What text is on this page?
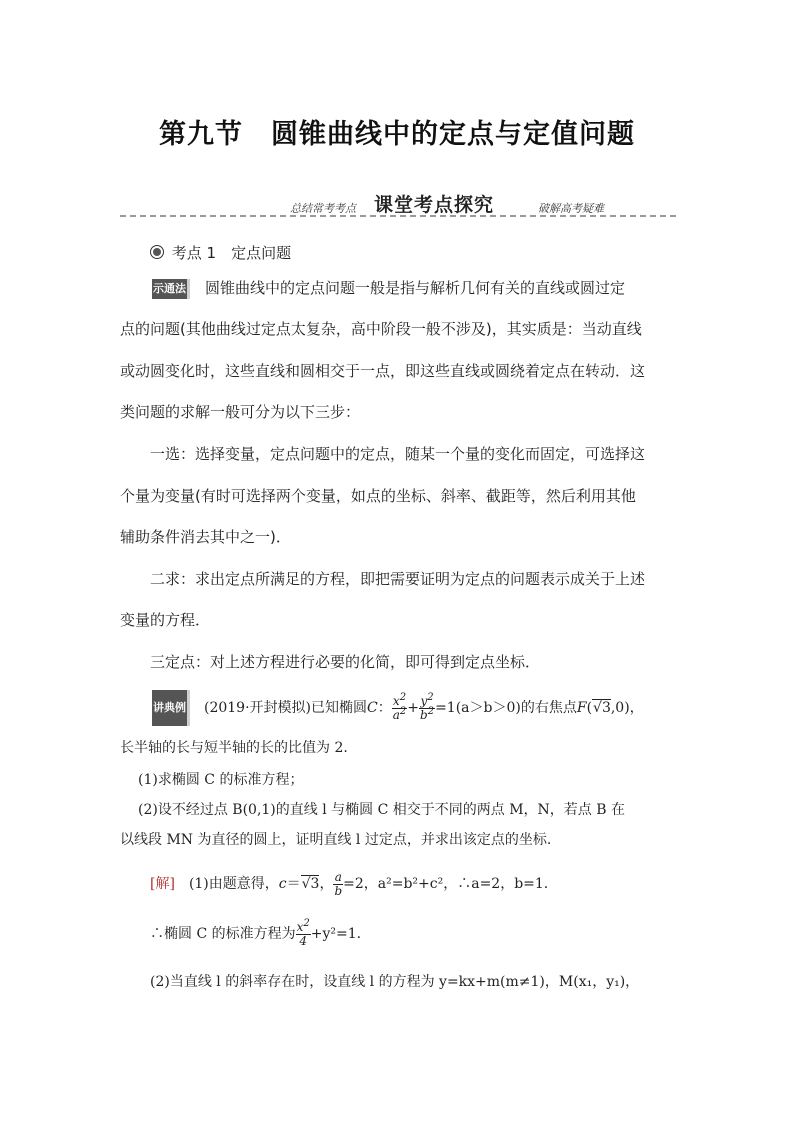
第九节　圆锥曲线中的定点与定值问题
总结常考考点 课堂考点探究	破解高考疑难
考点 1　 定点问题
示通法　 圆锥曲线中的定点问题一般是指与解析几何有关的直线或圆过定
点的问题(其他曲线过定点太复杂，高中阶段一般不涉及)，其实质是：当动直线
或动圆变化时，这些直线和圆相交于一点，即这些直线或圆绕着定点在转动．这
类问题的求解一般可分为以下三步：
一选：选择变量，定点问题中的定点，随某一个量的变化而固定，可选择这
个量为变量(有时可选择两个变量，如点的坐标、斜率、截距等，然后利用其他
辅助条件消去其中之一)．
二求：求出定点所满足的方程，即把需要证明为定点的问题表示成关于上述
变量的方程．
三定点：对上述方程进行必要的化简，即可得到定点坐标．
讲典例　 (2019·开封模拟)已知椭圆C： $\frac{x^2}{a^2} + \frac{y^2}{b^2} =1(a>b>0)$的右焦点F(√3,0)，
长半轴的长与短半轴的长的比值为 2.
(1)求椭圆 C 的标准方程；
(2)设不经过点 B(0,1)的直线 l 与椭圆 C 相交于不同的两点 M，N，若点 B 在
以线段 MN 为直径的圆上，证明直线 l 过定点，并求出该定点的坐标.
[解]　 (1)由题意得，c＝√3， $\frac{a}{b} =2$，a²=b²+c²，∴a=2，b=1.
∴椭圆 C 的标准方程为 $\frac{x^2}{4} +y^2=1$.
(2)当直线 l 的斜率存在时，设直线 l 的方程为 y=kx+m(m≠1)，M(x₁，y₁)，
